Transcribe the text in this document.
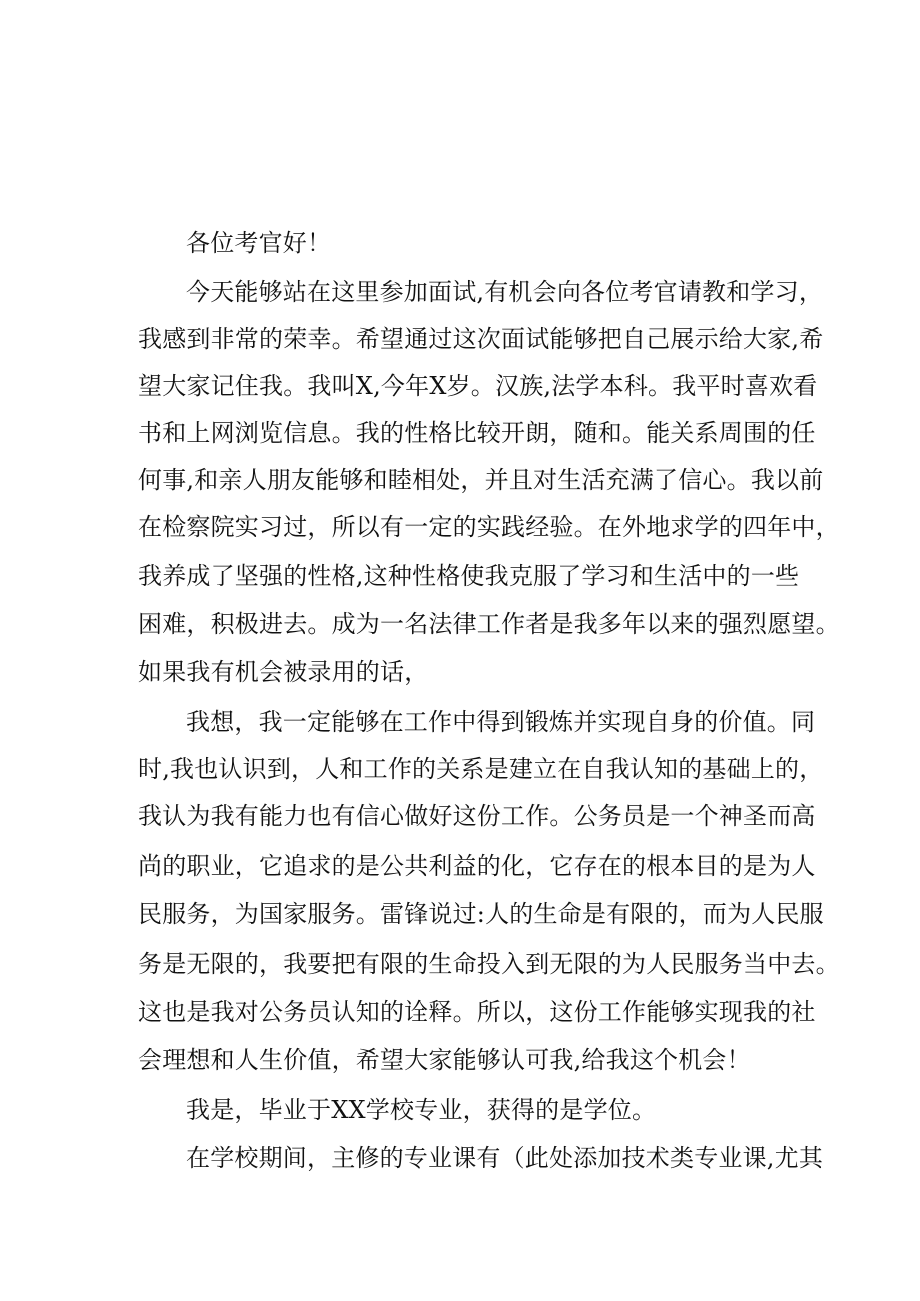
各位考官好！
今天能够站在这里参加面试,有机会向各位考官请教和学习，
我感到非常的荣幸。希望通过这次面试能够把自己展示给大家,希
望大家记住我。我叫X,今年X岁。汉族,法学本科。我平时喜欢看
书和上网浏览信息。我的性格比较开朗，随和。能关系周围的任
何事,和亲人朋友能够和睦相处，并且对生活充满了信心。我以前
在检察院实习过，所以有一定的实践经验。在外地求学的四年中，
我养成了坚强的性格,这种性格使我克服了学习和生活中的一些
困难，积极进去。成为一名法律工作者是我多年以来的强烈愿望。
如果我有机会被录用的话，
我想，我一定能够在工作中得到锻炼并实现自身的价值。同
时,我也认识到，人和工作的关系是建立在自我认知的基础上的，
我认为我有能力也有信心做好这份工作。公务员是一个神圣而高
尚的职业，它追求的是公共利益的化，它存在的根本目的是为人
民服务，为国家服务。雷锋说过:人的生命是有限的，而为人民服
务是无限的，我要把有限的生命投入到无限的为人民服务当中去。
这也是我对公务员认知的诠释。所以，这份工作能够实现我的社
会理想和人生价值，希望大家能够认可我,给我这个机会！
我是，毕业于XX学校专业，获得的是学位。
在学校期间，主修的专业课有（此处添加技术类专业课,尤其
